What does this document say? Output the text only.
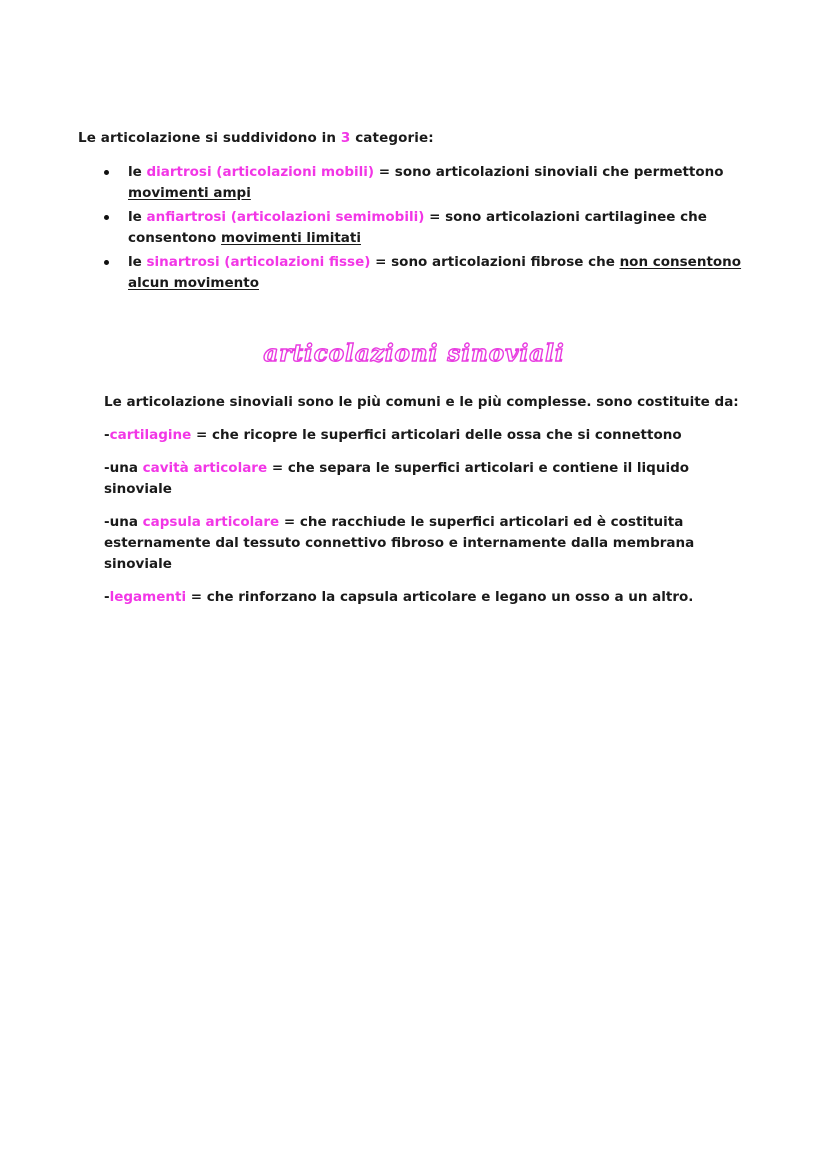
Le articolazione si suddividono in 3 categorie:
le diartrosi (articolazioni mobili) = sono articolazioni sinoviali che permettono movimenti ampi
le anfiartrosi (articolazioni semimobili) = sono articolazioni cartilaginee che consentono movimenti limitati
le sinartrosi (articolazioni fisse) = sono articolazioni fibrose che non consentono alcun movimento
articolazioni sinoviali

Le articolazione sinoviali sono le più comuni e le più complesse. sono costituite da:

-cartilagine = che ricopre le superfici articolari delle ossa che si connettono

-una cavità articolare = che separa le superfici articolari e contiene il liquido sinoviale

-una capsula articolare = che racchiude le superfici articolari ed è costituita esternamente dal tessuto connettivo fibroso e internamente dalla membrana sinoviale

-legamenti = che rinforzano la capsula articolare e legano un osso a un altro.
